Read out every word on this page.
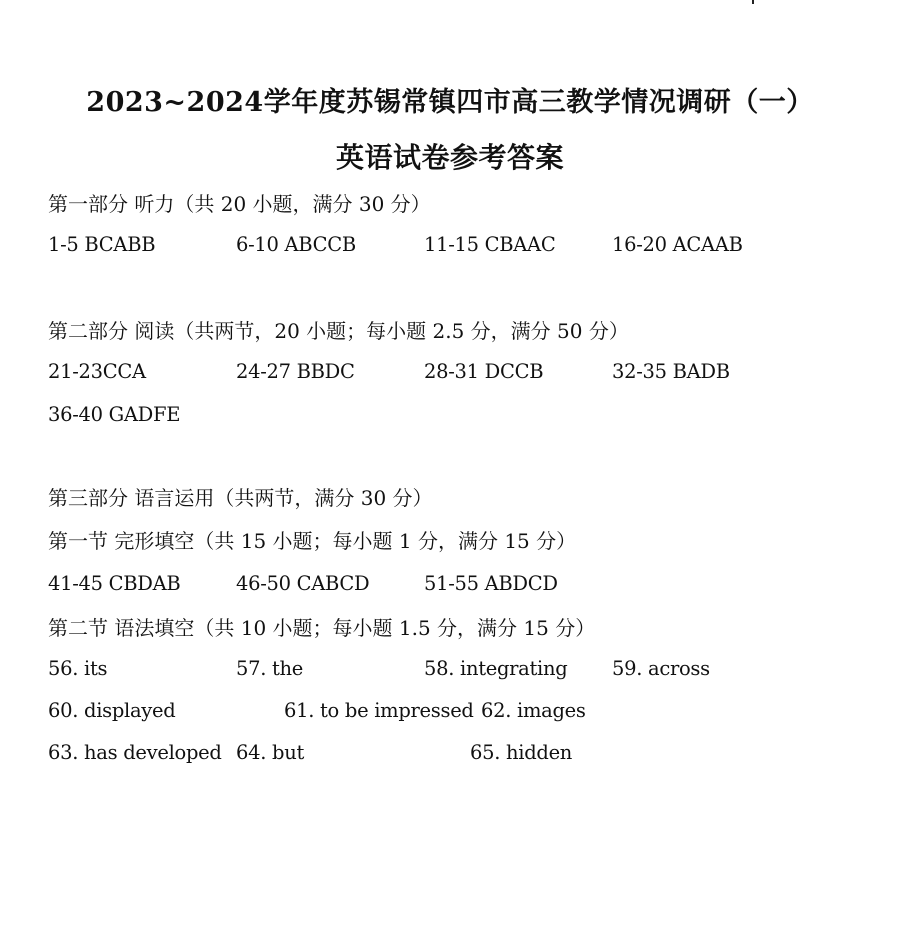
2023~2024学年度苏锡常镇四市高三教学情况调研（一）
英语试卷参考答案
第一部分 听力（共 20 小题，满分 30 分）
1-5 BCABB	6-10 ABCCB	11-15 CBAAC	16-20 ACAAB
第二部分 阅读（共两节，20 小题；每小题 2.5 分，满分 50 分）
21-23CCA	24-27 BBDC	28-31 DCCB	32-35 BADB
36-40 GADFE
第三部分 语言运用（共两节，满分 30 分）
第一节 完形填空（共 15 小题；每小题 1 分，满分 15 分）
41-45 CBDAB	46-50 CABCD	51-55 ABDCD
第二节 语法填空（共 10 小题；每小题 1.5 分，满分 15 分）
56. its	57. the	58. integrating 59. across
60. displayed	61. to be impressed 62. images
63. has developed 64. but	65. hidden
